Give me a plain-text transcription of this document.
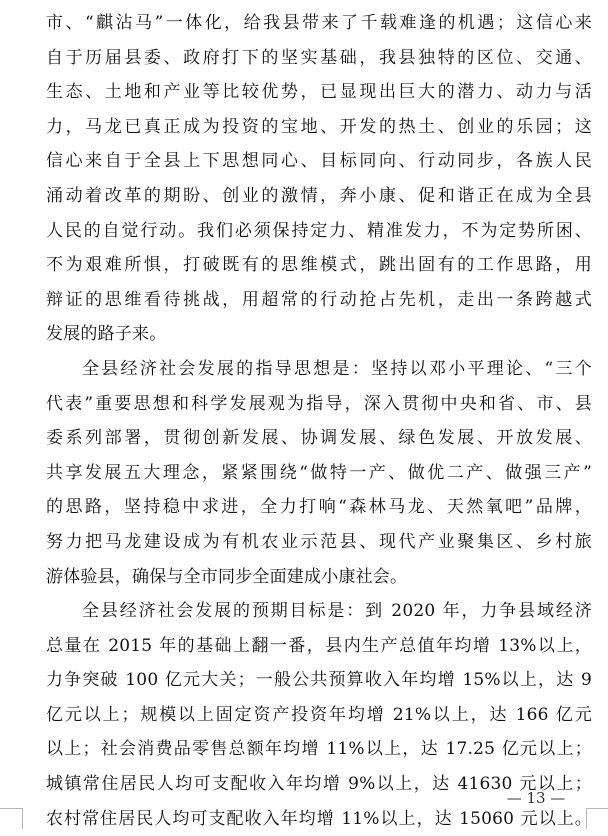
市、“麒沾马”一体化，给我县带来了千载难逢的机遇；这信心来
自于历届县委、政府打下的坚实基础，我县独特的区位、交通、
生态、土地和产业等比较优势，已显现出巨大的潜力、动力与活
力，马龙已真正成为投资的宝地、开发的热土、创业的乐园；这
信心来自于全县上下思想同心、目标同向、行动同步，各族人民
涌动着改革的期盼、创业的激情，奔小康、促和谐正在成为全县
人民的自觉行动。我们必须保持定力、精准发力，不为定势所困、
不为艰难所惧，打破既有的思维模式，跳出固有的工作思路，用
辩证的思维看待挑战，用超常的行动抢占先机，走出一条跨越式
发展的路子来。
全县经济社会发展的指导思想是：坚持以邓小平理论、“三个
代表”重要思想和科学发展观为指导，深入贯彻中央和省、市、县
委系列部署，贯彻创新发展、协调发展、绿色发展、开放发展、
共享发展五大理念，紧紧围绕“做特一产、做优二产、做强三产”
的思路，坚持稳中求进，全力打响“森林马龙、天然氧吧”品牌，
努力把马龙建设成为有机农业示范县、现代产业聚集区、乡村旅
游体验县，确保与全市同步全面建成小康社会。
全县经济社会发展的预期目标是：到 2020 年，力争县域经济
总量在 2015 年的基础上翻一番，县内生产总值年均增 13%以上，
力争突破 100 亿元大关；一般公共预算收入年均增 15%以上，达 9
亿元以上；规模以上固定资产投资年均增 21%以上，达 166 亿元
以上；社会消费品零售总额年均增 11%以上，达 17.25 亿元以上；
城镇常住居民人均可支配收入年均增 9%以上，达 41630 元以上；
农村常住居民人均可支配收入年均增 11%以上，达 15060 元以上。
— 13 —
